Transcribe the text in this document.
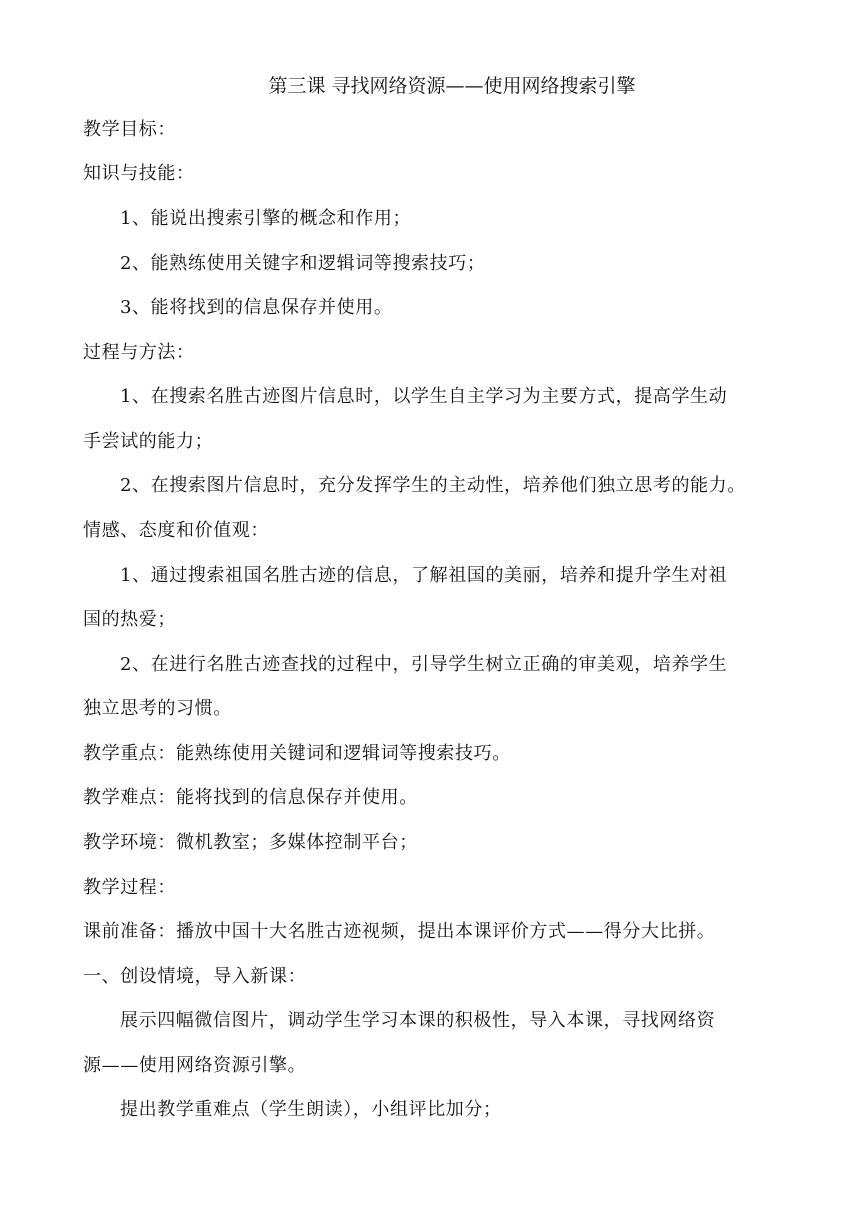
第三课 寻找网络资源——使用网络搜索引擎
教学目标：
知识与技能：
1、能说出搜索引擎的概念和作用；
2、能熟练使用关键字和逻辑词等搜索技巧；
3、能将找到的信息保存并使用。
过程与方法：
1、在搜索名胜古迹图片信息时，以学生自主学习为主要方式，提高学生动
手尝试的能力；
2、在搜索图片信息时，充分发挥学生的主动性，培养他们独立思考的能力。
情感、态度和价值观：
1、通过搜索祖国名胜古迹的信息，了解祖国的美丽，培养和提升学生对祖
国的热爱；
2、在进行名胜古迹查找的过程中，引导学生树立正确的审美观，培养学生
独立思考的习惯。
教学重点：能熟练使用关键词和逻辑词等搜索技巧。
教学难点：能将找到的信息保存并使用。
教学环境：微机教室；多媒体控制平台；
教学过程：
课前准备：播放中国十大名胜古迹视频，提出本课评价方式——得分大比拼。
一、创设情境，导入新课：
展示四幅微信图片，调动学生学习本课的积极性，导入本课，寻找网络资
源——使用网络资源引擎。
提出教学重难点（学生朗读），小组评比加分；
